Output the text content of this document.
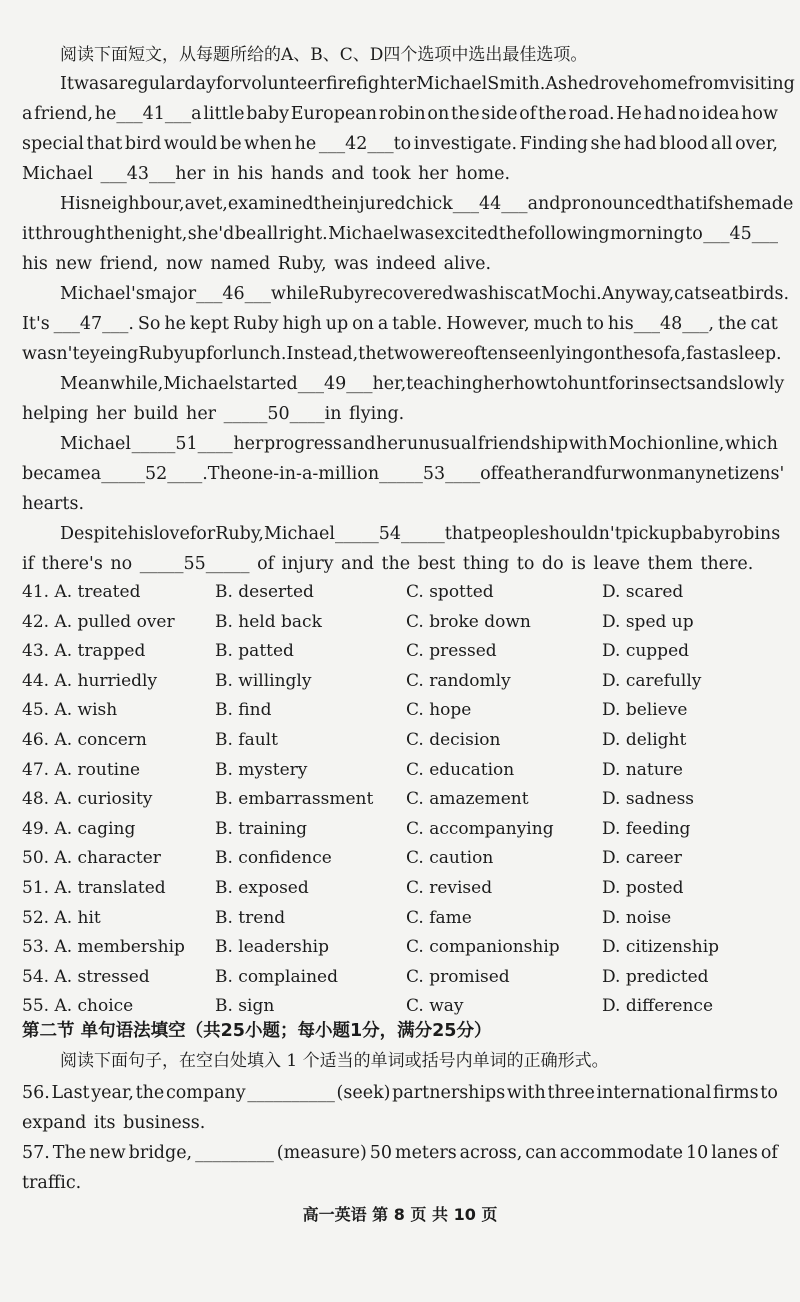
阅读下面短文，从每题所给的A、B、C、D四个选项中选出最佳选项。
It was a regular day for volunteer firefighter Michael Smith. As he drove home from visiting
a friend, he___41___a little baby European robin on the side of the road. He had no idea how
special that bird would be when he ___42___to investigate. Finding she had blood all over,
Michael ___43___her in his hands and took her home.
His neighbour, a vet, examined the injured chick ___44___ and pronounced that if she made
it through the night, she'd be all right. Michael was excited the following morning to ___45___
his new friend, now named Ruby, was indeed alive.
Michael's major ___46___while Ruby recovered was his cat Mochi. Anyway, cats eat birds.
It's ___47___. So he kept Ruby high up on a table. However, much to his___48___, the cat
wasn't eyeing Ruby up for lunch. Instead, the two were often seen lying on the sofa, fast asleep.
Meanwhile, Michael started ___49___her, teaching her how to hunt for insects and slowly
helping her build her _____50____in flying.
Michael _____51____ her progress and her unusual friendship with Mochi online, which
became a _____52____. The one-in-a-million _____53____of feather and fur won many netizens'
hearts.
Despite his love for Ruby, Michael _____54_____ that people shouldn't pick up baby robins
if there's no _____55_____ of injury and the best thing to do is leave them there.
41. A. treated	B. deserted	C. spotted	D. scared
42. A. pulled over B. held back	C. broke down	D. sped up
43. A. trapped	B. patted	C. pressed	D. cupped
44. A. hurriedly	B. willingly	C. randomly	D. carefully
45. A. wish	B. find	C. hope	D. believe
46. A. concern	B. fault	C. decision	D. delight
47. A. routine	B. mystery	C. education	D. nature
48. A. curiosity	B. embarrassment C. amazement	D. sadness
49. A. caging	B. training	C. accompanying	D. feeding
50. A. character	B. confidence	C. caution	D. career
51. A. translated	B. exposed	C. revised	D. posted
52. A. hit	B. trend	C. fame	D. noise
53. A. membership B. leadership	C. companionship D. citizenship
54. A. stressed	B. complained	C. promised	D. predicted
55. A. choice	B. sign	C. way	D. difference
第二节 单句语法填空（共25小题；每小题1分，满分25分）
阅读下面句子，在空白处填入 1 个适当的单词或括号内单词的正确形式。
56. Last year, the company __________ (seek) partnerships with three international firms to
expand its business.
57. The new bridge, _________ (measure) 50 meters across, can accommodate 10 lanes of
traffic.
高一英语 第 8 页 共 10 页
